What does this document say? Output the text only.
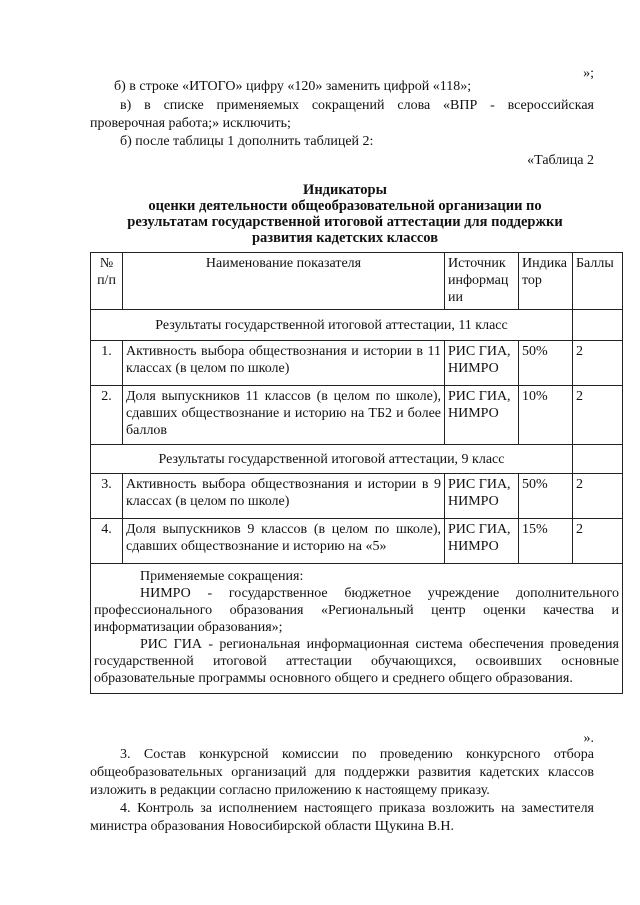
»;
б) в строке «ИТОГО» цифру «120» заменить цифрой «118»;
в) в списке применяемых сокращений слова «ВПР - всероссийская проверочная работа;» исключить;
б) после таблицы 1 дополнить таблицей 2:
«Таблица 2
Индикаторы
оценки деятельности общеобразовательной организации по результатам государственной итоговой аттестации для поддержки развития кадетских классов
№ п/п	Наименование показателя	Источник информации	Индикатор	Баллы
Результаты государственной итоговой аттестации, 11 класс				
1.	Активность выбора обществознания и истории в 11 классах (в целом по школе)	РИС ГИА, НИМРО	50%	2
2.	Доля выпускников 11 классов (в целом по школе), сдавших обществознание и историю на ТБ2 и более баллов	РИС ГИА, НИМРО	10%	2
Результаты государственной итоговой аттестации, 9 класс				
3.	Активность выбора обществознания и истории в 9 классах (в целом по школе)	РИС ГИА, НИМРО	50%	2
4.	Доля выпускников 9 классов (в целом по школе), сдавших обществознание и историю на «5»	РИС ГИА, НИМРО	15%	2

Применяемые сокращения:

НИМРО - государственное бюджетное учреждение дополнительного профессионального образования «Региональный центр оценки качества и информатизации образования»;

РИС ГИА - региональная информационная система обеспечения проведения государственной итоговой аттестации обучающихся, освоивших основные образовательные программы основного общего и среднего общего образования.				

».
3. Состав конкурсной комиссии по проведению конкурсного отбора общеобразовательных организаций для поддержки развития кадетских классов изложить в редакции согласно приложению к настоящему приказу.
4. Контроль за исполнением настоящего приказа возложить на заместителя министра образования Новосибирской области Щукина В.Н.
